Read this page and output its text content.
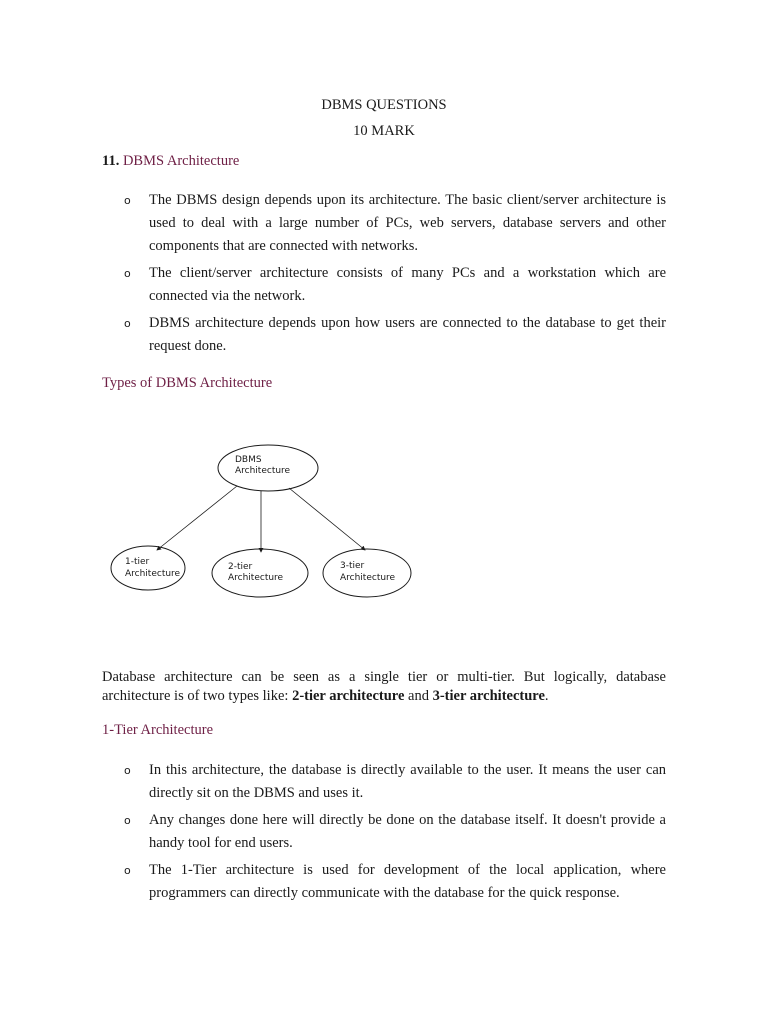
DBMS QUESTIONS
10 MARK
11. DBMS Architecture
o The DBMS design depends upon its architecture. The basic client/server architecture is used to deal with a large number of PCs, web servers, database servers and other components that are connected with networks.
o The client/server architecture consists of many PCs and a workstation which are connected via the network.
o DBMS architecture depends upon how users are connected to the database to get their request done.
Types of DBMS Architecture
DBMS
Architecture
1-tier
Architecture
2-tier
Architecture
3-tier
Architecture
Database architecture can be seen as a single tier or multi-tier. But logically, database architecture is of two types like: 2-tier architecture and 3-tier architecture.
1-Tier Architecture
o In this architecture, the database is directly available to the user. It means the user can directly sit on the DBMS and uses it.
o Any changes done here will directly be done on the database itself. It doesn't provide a handy tool for end users.
o The 1-Tier architecture is used for development of the local application, where programmers can directly communicate with the database for the quick response.
